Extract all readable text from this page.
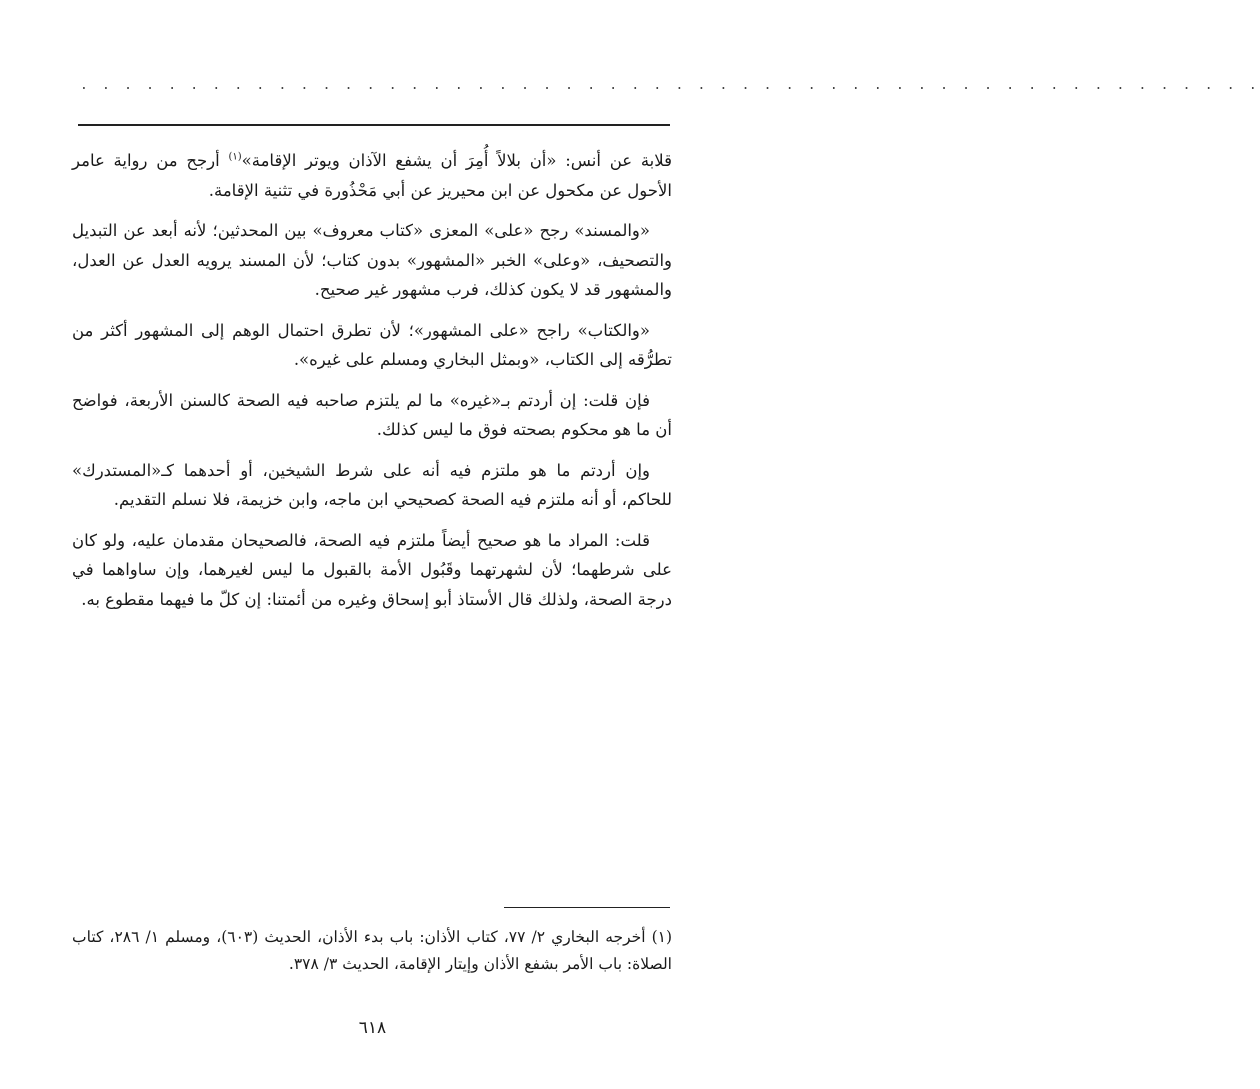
. . . . . . . . . . . . . . . . . . . . . . . . . . . . . . . . . . . . . . . . . . . . . . . . . . . . . .

قلابة عن أنس: «أن بلالاً أُمِرَ أن يشفع الآذان ويوتر الإقامة»$^{(١)}$ أرجح من رواية عامر الأحول عن مكحول عن ابن محيريز عن أبي مَحْذُورة في تثنية الإقامة.

«والمسند» رجح «على» المعزى «كتاب معروف» بين المحدثين؛ لأنه أبعد عن التبديل والتصحيف، «وعلى» الخبر «المشهور» بدون كتاب؛ لأن المسند يرويه العدل عن العدل، والمشهور قد لا يكون كذلك، فرب مشهور غير صحيح.

«والكتاب» راجح «على المشهور»؛ لأن تطرق احتمال الوهم إلى المشهور أكثر من تطرُّقه إلى الكتاب، «وبمثل البخاري ومسلم على غيره».

فإن قلت: إن أردتم بـ«غيره» ما لم يلتزم صاحبه فيه الصحة كالسنن الأربعة، فواضح أن ما هو محكوم بصحته فوق ما ليس كذلك.

وإن أردتم ما هو ملتزم فيه أنه على شرط الشيخين، أو أحدهما كـ«المستدرك» للحاكم، أو أنه ملتزم فيه الصحة كصحيحي ابن ماجه، وابن خزيمة، فلا نسلم التقديم.

قلت: المراد ما هو صحيح أيضاً ملتزم فيه الصحة، فالصحيحان مقدمان عليه، ولو كان على شرطهما؛ لأن لشهرتهما وقَبُول الأمة بالقبول ما ليس لغيرهما، وإن ساواهما في درجة الصحة، ولذلك قال الأستاذ أبو إسحاق وغيره من أئمتنا: إن كلّ ما فيهما مقطوع به.

(١) أخرجه البخاري ٢/ ٧٧، كتاب الأذان: باب بدء الأذان، الحديث (٦٠٣)، ومسلم ١/ ٢٨٦، كتاب الصلاة: باب الأمر بشفع الأذان وإيتار الإقامة، الحديث ٣/ ٣٧٨.

٦١٨
